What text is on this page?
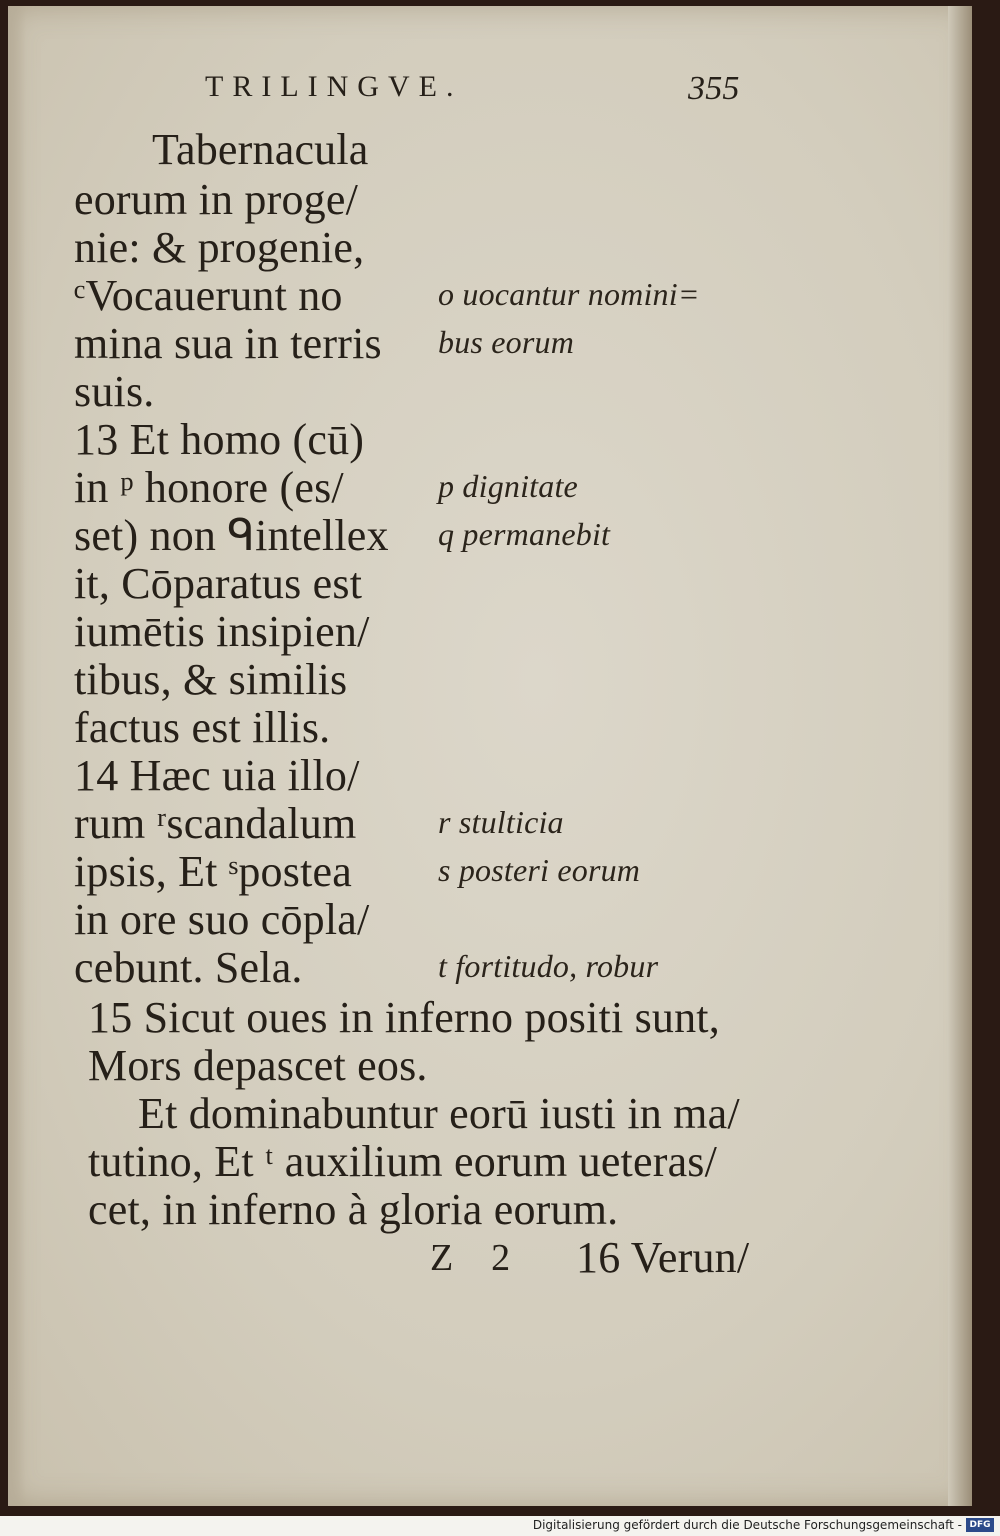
TRILINGVE.	355
Tabernacula
eorum in proge/
nie: & progenie,
ᶜVocauerunt no
mina sua in terris
suis.
13 Et homo (cū)
in ᵖ honore (es/
set) non ᑫintellex
it, Cōparatus est
iumētis insipien/
tibus, & similis
factus est illis.
14 Hæc uia illo/
rum ʳscandalum
ipsis, Et ˢpostea
in ore suo cōpla/
cebunt. Sela.
15 Sicut oues in inferno positi sunt,
Mors depascet eos.
Et dominabuntur eorū iusti in ma/
tutino, Et ᵗ auxilium eorum ueteras/
cet, in inferno à gloria eorum.
o uocantur nomini=
bus eorum
p dignitate
q permanebit
r stulticia
s posteri eorum
t fortitudo, robur
Z 2 16 Verun/
Digitalisierung gefördert durch die Deutsche Forschungsgemeinschaft - DFG
